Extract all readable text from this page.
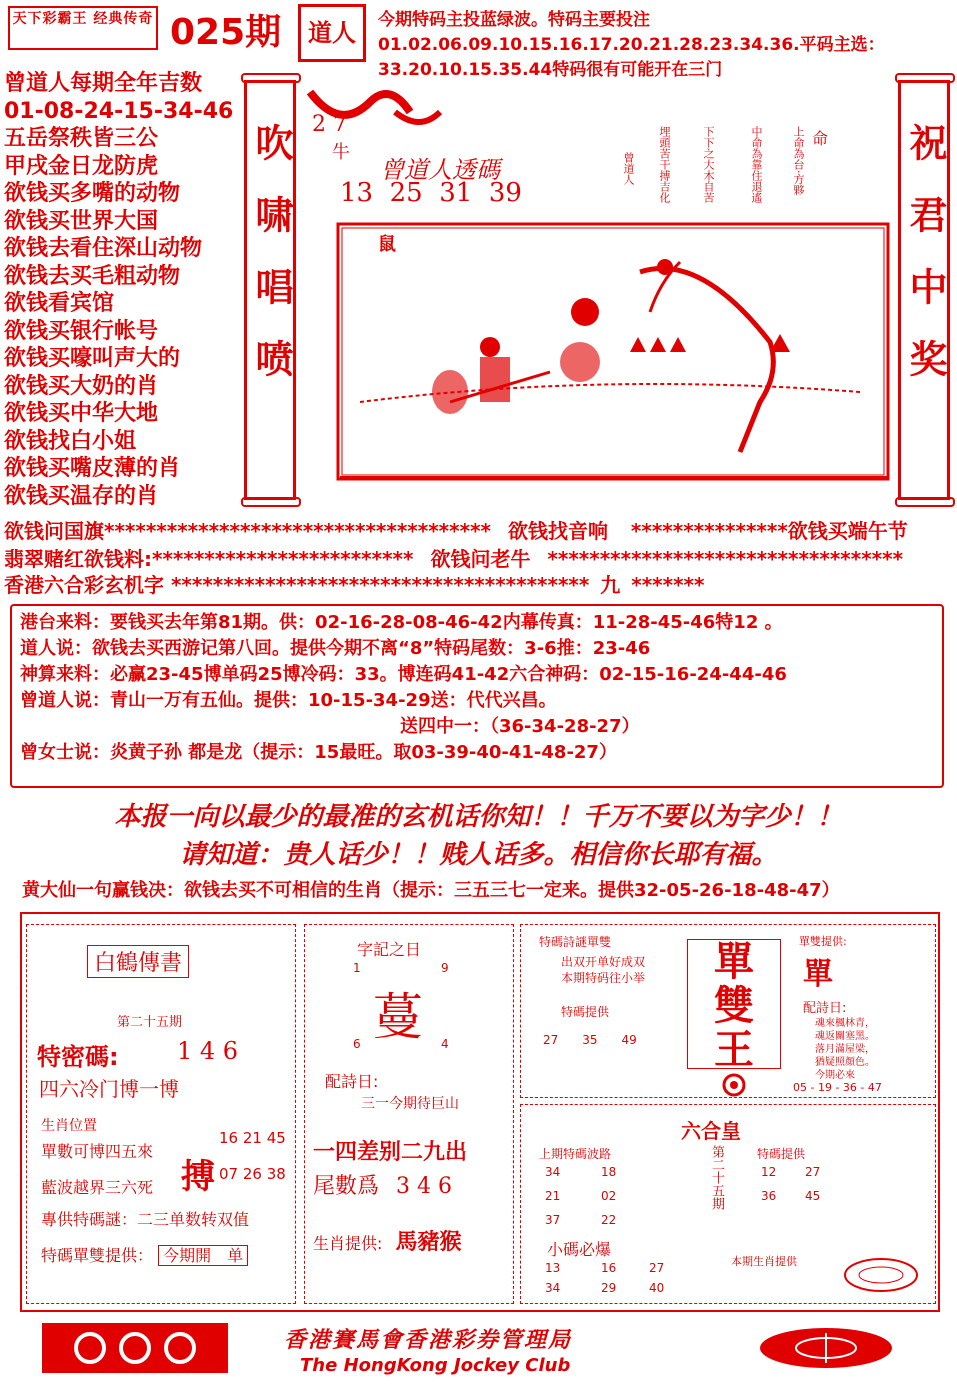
天下彩霸王 经典传奇 025期	道人	今期特码主投蓝绿波。特码主要投注01.02.06.09.10.15.16.17.20.21.28.23.34.36.平码主选：33.20.10.15.35.44特码很有可能开在三门
曾道人每期全年吉数
01-08-24-15-34-46
五岳祭秩皆三公
甲戌金日龙防虎
欲钱买多嘴的动物
欲钱买世界大国
欲钱去看住深山动物
欲钱去买毛粗动物
欲钱看宾馆
欲钱买银行帐号
欲钱买嚎叫声大的
欲钱买大奶的肖
欲钱买中华大地
欲钱找白小姐
欲钱买嘴皮薄的肖
欲钱买温存的肖
吹啸唱喷 2 7
牛
曾道人透碼
13  25  31  39
鼠
命
上命為台·方夥
中命為靠住退遙
下下之大木自苦
埋頭苦干搏吉化
曾道人	祝君中奖
欲钱问国旗************************************* 欲钱找音响 ***************欲钱买端午节
翡翠赌红欲钱料:************************* 欲钱问老牛 **********************************
香港六合彩玄机字 **************************************** 九 *******
港台来料：要钱买去年第81期。供：02-16-28-08-46-42内幕传真：11-28-45-46特12 。
道人说：欲钱去买西游记第八回。提供今期不离“8”特码尾数：3-6推：23-46
神算来料：必赢23-45博单码25博冷码：33。博连码41-42六合神码：02-15-16-24-44-46
曾道人说：青山一万有五仙。提供：10-15-34-29送：代代兴昌。
送四中一：（36-34-28-27）
曾女士说：炎黄子孙 都是龙（提示：15最旺。取03-39-40-41-48-27）
本报一向以最少的最准的玄机话你知！！千万不要以为字少！！
请知道：贵人话少！！贱人话多。相信你长耶有福。
黄大仙一句赢钱决：欲钱去买不可相信的生肖（提示：三五三七一定来。提供32-05-26-18-48-47）
白鶴傳書
第二十五期
特密碼: 1 4 6
四六冷门博一博
生肖位置
單數可博四五來
搏
16 21 45
07 26 38
藍波越界三六死
專供特碼謎：二三单数转双值
特碼單雙提供： 今期開　单
字記之日
1	9
蔓
6	4
配詩日:
三一今期待巨山
一四差别二九出
尾數爲 3 4 6
生肖提供: 馬豬猴
特碼詩謎單雙
出双开单好成双
本期特码往小举
特碼提供
27　　35　　49
單
雙
王
單雙提供:
單
配詩日:
魂來楓林青，
魂返關塞黑。
落月滿屋梁，
猶疑照顏色。
今期必來
05 - 19 - 36 - 47
六合皇
上期特碼波路
34	18
21	02
37	22
第二十五期	特碼提供
12 27
36 45
小碼必爆
13	16	27
34	29	40
本期生肖提供
香港賽馬會香港彩券管理局
The HongKong Jockey Club
